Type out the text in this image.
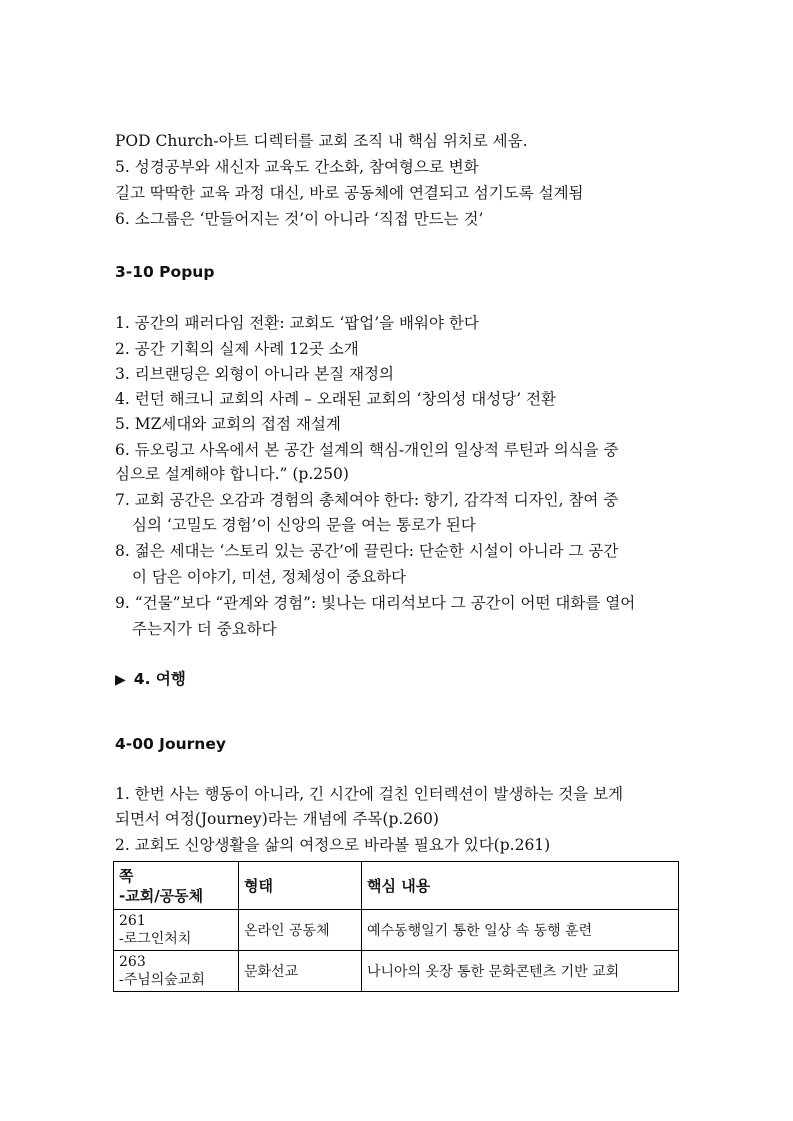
POD Church-아트 디렉터를 교회 조직 내 핵심 위치로 세움.
5. 성경공부와 새신자 교육도 간소화, 참여형으로 변화
길고 딱딱한 교육 과정 대신, 바로 공동체에 연결되고 섬기도록 설계됨
6. 소그룹은 ‘만들어지는 것’이 아니라 ‘직접 만드는 것’
3-10 Popup
1. 공간의 패러다임 전환: 교회도 ‘팝업’을 배워야 한다
2. 공간 기획의 실제 사례 12곳 소개
3. 리브랜딩은 외형이 아니라 본질 재정의
4. 런던 해크니 교회의 사례 – 오래된 교회의 ‘창의성 대성당’ 전환
5. MZ세대와 교회의 접점 재설계
6. 듀오링고 사옥에서 본 공간 설계의 핵심-개인의 일상적 루틴과 의식을 중
심으로 설계해야 합니다.” (p.250)
7. 교회 공간은 오감과 경험의 총체여야 한다: 향기, 감각적 디자인, 참여 중
심의 ‘고밀도 경험’이 신앙의 문을 여는 통로가 된다
8. 젊은 세대는 ‘스토리 있는 공간’에 끌린다: 단순한 시설이 아니라 그 공간
이 담은 이야기, 미션, 정체성이 중요하다
9. “건물”보다 “관계와 경험”: 빛나는 대리석보다 그 공간이 어떤 대화를 열어
주는지가 더 중요하다
▶ 4. 여행
4-00 Journey
1. 한번 사는 행동이 아니라, 긴 시간에 걸친 인터렉션이 발생하는 것을 보게
되면서 여정(Journey)라는 개념에 주목(p.260)
2. 교회도 신앙생활을 삶의 여정으로 바라볼 필요가 있다(p.261)
쪽
-교회/공동체	형태	핵심 내용

261
-로그인처치	온라인 공동체	예수동행일기 통한 일상 속 동행 훈련

263
-주님의숲교회	문화선교	나니아의 옷장 통한 문화콘텐츠 기반 교회
